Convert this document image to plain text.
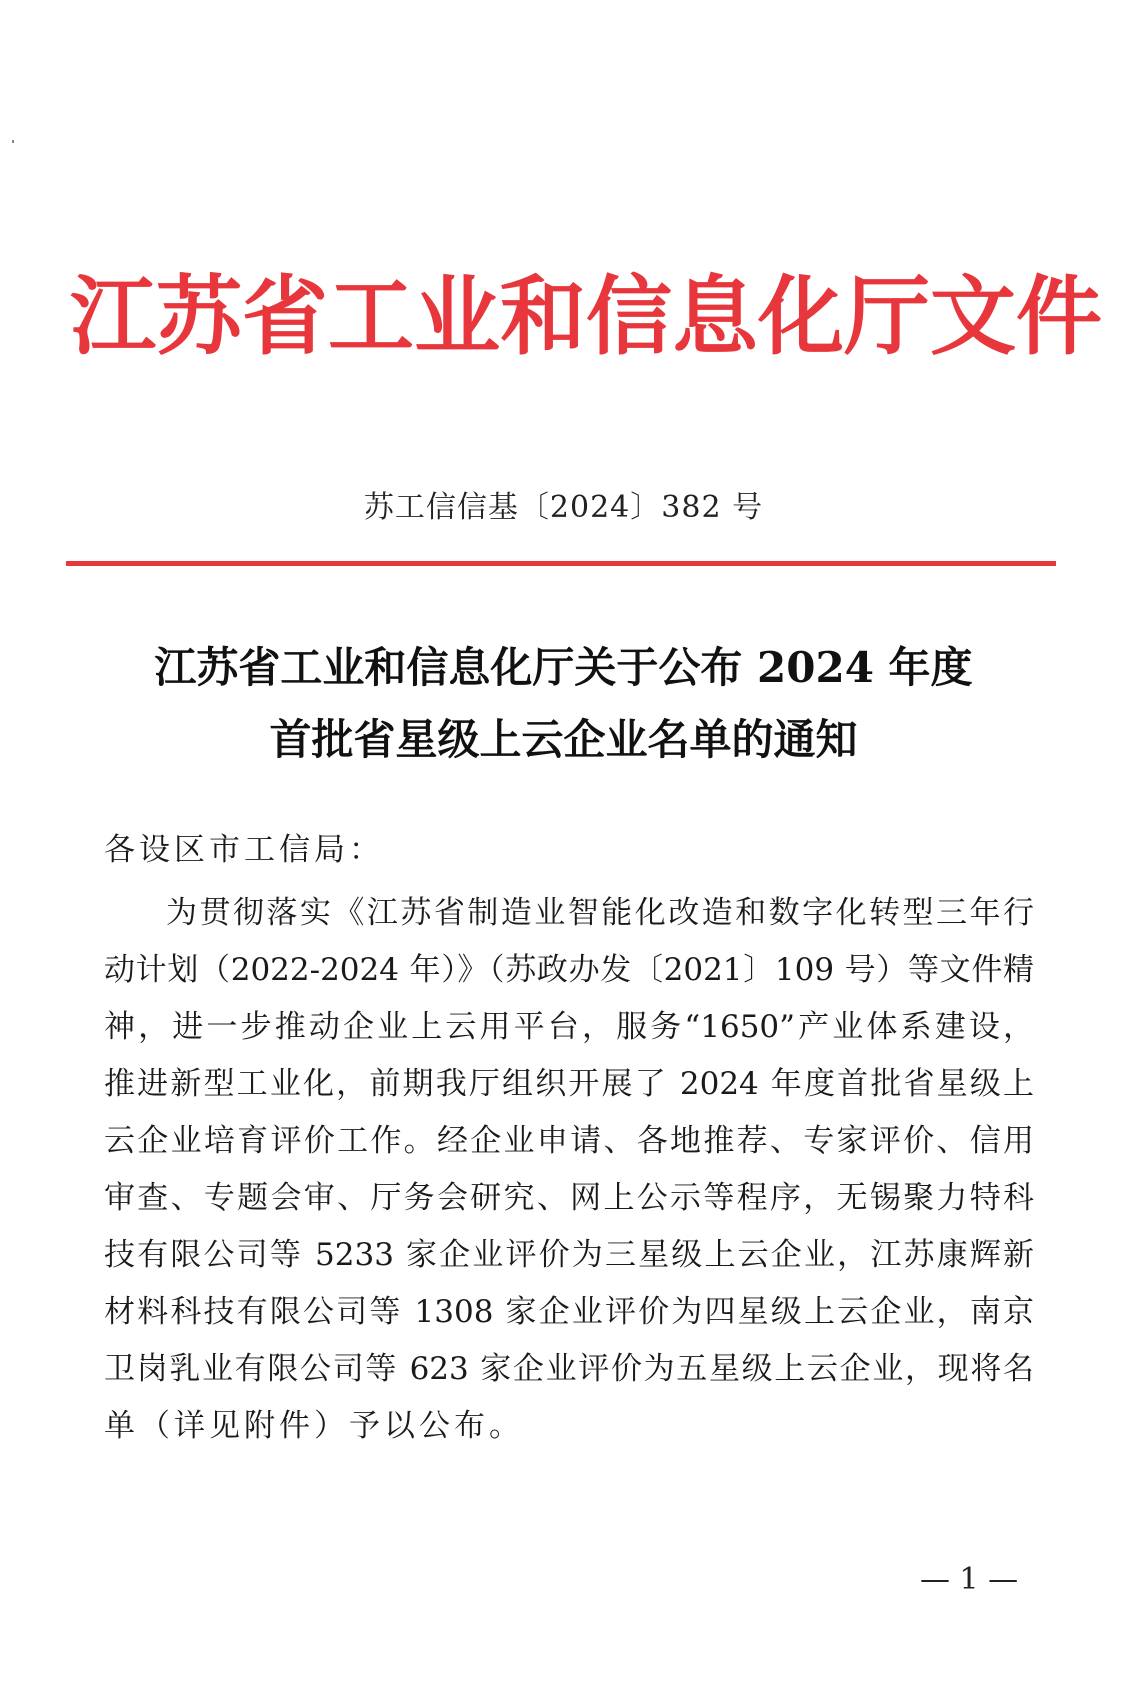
江苏省工业和信息化厅文件
苏工信信基〔2024〕382 号
江苏省工业和信息化厅关于公布 2024 年度
首批省星级上云企业名单的通知
各设区市工信局：
为贯彻落实《江苏省制造业智能化改造和数字化转型三年行
动计划（2022-2024 年）》（苏政办发〔2021〕109 号）等文件精
神，进一步推动企业上云用平台，服务“1650”产业体系建设，
推进新型工业化，前期我厅组织开展了 2024 年度首批省星级上
云企业培育评价工作。经企业申请、各地推荐、专家评价、信用
审查、专题会审、厅务会研究、网上公示等程序，无锡聚力特科
技有限公司等 5233 家企业评价为三星级上云企业，江苏康辉新
材料科技有限公司等 1308 家企业评价为四星级上云企业，南京
卫岗乳业有限公司等 623 家企业评价为五星级上云企业，现将名
单（详见附件）予以公布。
— 1 —
